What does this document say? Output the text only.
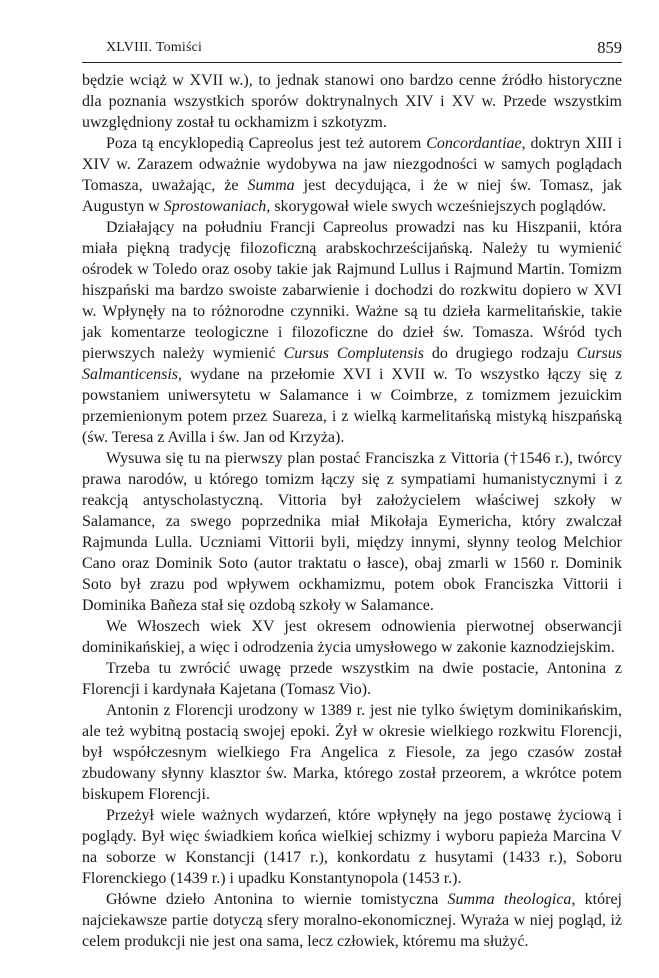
XLVIII. Tomiści	859

będzie wciąż w XVII w.), to jednak stanowi ono bardzo cenne źródło historyczne dla poznania wszystkich sporów doktrynalnych XIV i XV w. Przede wszystkim uwzględniony został tu ockhamizm i szkotyzm.

Poza tą encyklopedią Capreolus jest też autorem Concordantiae, doktryn XIII i XIV w. Zarazem odważnie wydobywa na jaw niezgodności w samych poglądach Tomasza, uważając, że Summa jest decydująca, i że w niej św. Tomasz, jak Augustyn w Sprostowaniach, skorygował wiele swych wcześniejszych poglądów.

Działający na południu Francji Capreolus prowadzi nas ku Hiszpanii, która miała piękną tradycję filozoficzną arabskochrześcijańską. Należy tu wymienić ośrodek w Toledo oraz osoby takie jak Rajmund Lullus i Rajmund Martin. Tomizm hiszpański ma bardzo swoiste zabarwienie i dochodzi do rozkwitu dopiero w XVI w. Wpłynęły na to różnorodne czynniki. Ważne są tu dzieła karmelitańskie, takie jak komentarze teologiczne i filozoficzne do dzieł św. Tomasza. Wśród tych pierwszych należy wymienić Cursus Complutensis do drugiego rodzaju Cursus Salmanticensis, wydane na przełomie XVI i XVII w. To wszystko łączy się z powstaniem uniwersytetu w Salamance i w Coimbrze, z tomizmem jezuickim przemienionym potem przez Suareza, i z wielką karmelitańską mistyką hiszpańską (św. Teresa z Avilla i św. Jan od Krzyża).

Wysuwa się tu na pierwszy plan postać Franciszka z Vittoria (†1546 r.), twórcy prawa narodów, u którego tomizm łączy się z sympatiami humanistycznymi i z reakcją antyscholastyczną. Vittoria był założycielem właściwej szkoły w Salamance, za swego poprzednika miał Mikołaja Eymericha, który zwalczał Rajmunda Lulla. Uczniami Vittorii byli, między innymi, słynny teolog Melchior Cano oraz Dominik Soto (autor traktatu o łasce), obaj zmarli w 1560 r. Dominik Soto był zrazu pod wpływem ockhamizmu, potem obok Franciszka Vittorii i Dominika Bañeza stał się ozdobą szkoły w Salamance.

We Włoszech wiek XV jest okresem odnowienia pierwotnej obserwancji dominikańskiej, a więc i odrodzenia życia umysłowego w zakonie kaznodziejskim.

Trzeba tu zwrócić uwagę przede wszystkim na dwie postacie, Antonina z Florencji i kardynała Kajetana (Tomasz Vio).

Antonin z Florencji urodzony w 1389 r. jest nie tylko świętym dominikańskim, ale też wybitną postacią swojej epoki. Żył w okresie wielkiego rozkwitu Florencji, był współczesnym wielkiego Fra Angelica z Fiesole, za jego czasów został zbudowany słynny klasztor św. Marka, którego został przeorem, a wkrótce potem biskupem Florencji.

Przeżył wiele ważnych wydarzeń, które wpłynęły na jego postawę życiową i poglądy. Był więc świadkiem końca wielkiej schizmy i wyboru papieża Marcina V na soborze w Konstancji (1417 r.), konkordatu z husytami (1433 r.), Soboru Florenckiego (1439 r.) i upadku Konstantynopola (1453 r.).

Główne dzieło Antonina to wiernie tomistyczna Summa theologica, której najciekawsze partie dotyczą sfery moralno-ekonomicznej. Wyraża w niej pogląd, iż celem produkcji nie jest ona sama, lecz człowiek, któremu ma służyć.
